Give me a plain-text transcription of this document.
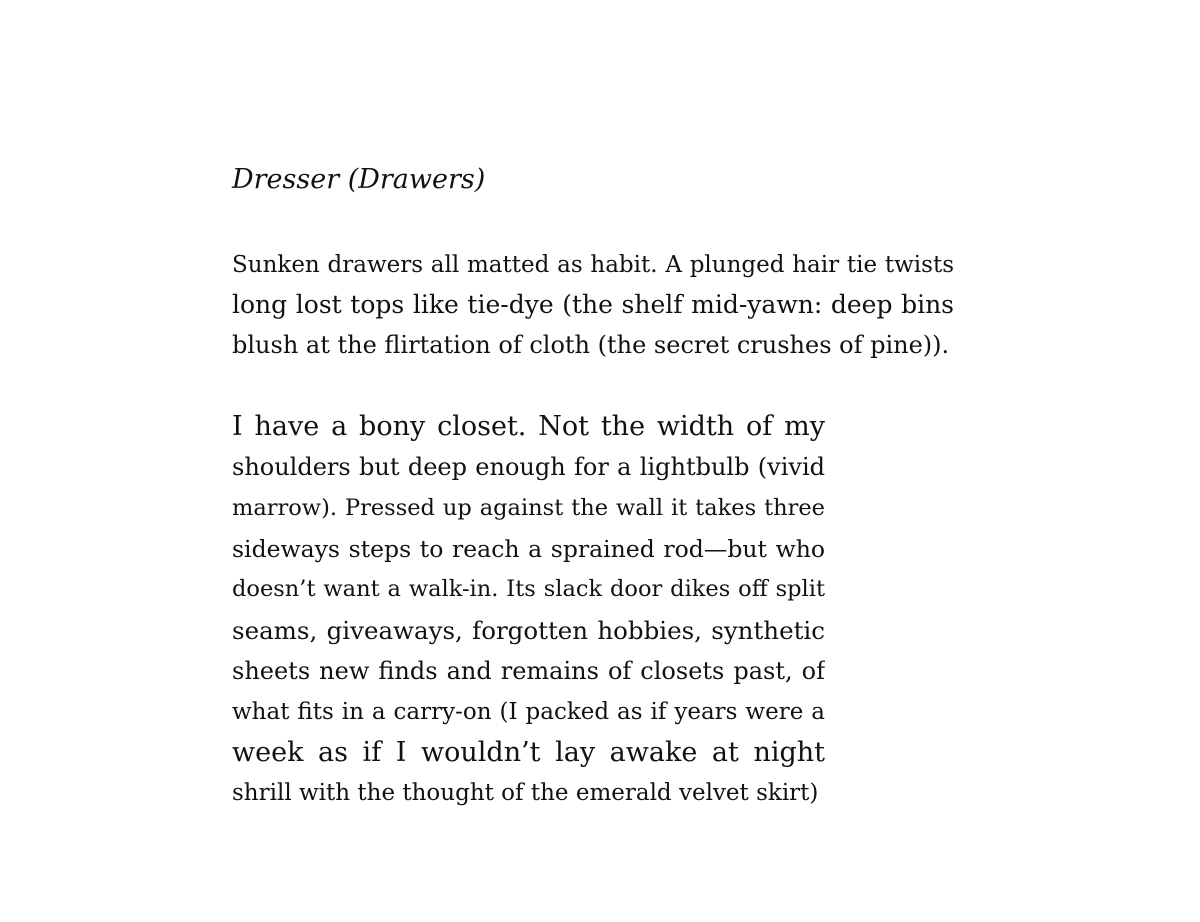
Dresser (Drawers)
Sunken drawers all matted as habit. A plunged hair tie twists
long lost tops like tie-dye (the shelf mid-yawn: deep bins
blush at the flirtation of cloth (the secret crushes of pine)).
I have a bony closet. Not the width of my
shoulders but deep enough for a lightbulb (vivid
marrow). Pressed up against the wall it takes three
sideways steps to reach a sprained rod—but who
doesn’t want a walk-in. Its slack door dikes off split
seams, giveaways, forgotten hobbies, synthetic
sheets new finds and remains of closets past, of
what fits in a carry-on (I packed as if years were a
week as if I wouldn’t lay awake at night
shrill with the thought of the emerald velvet skirt)
